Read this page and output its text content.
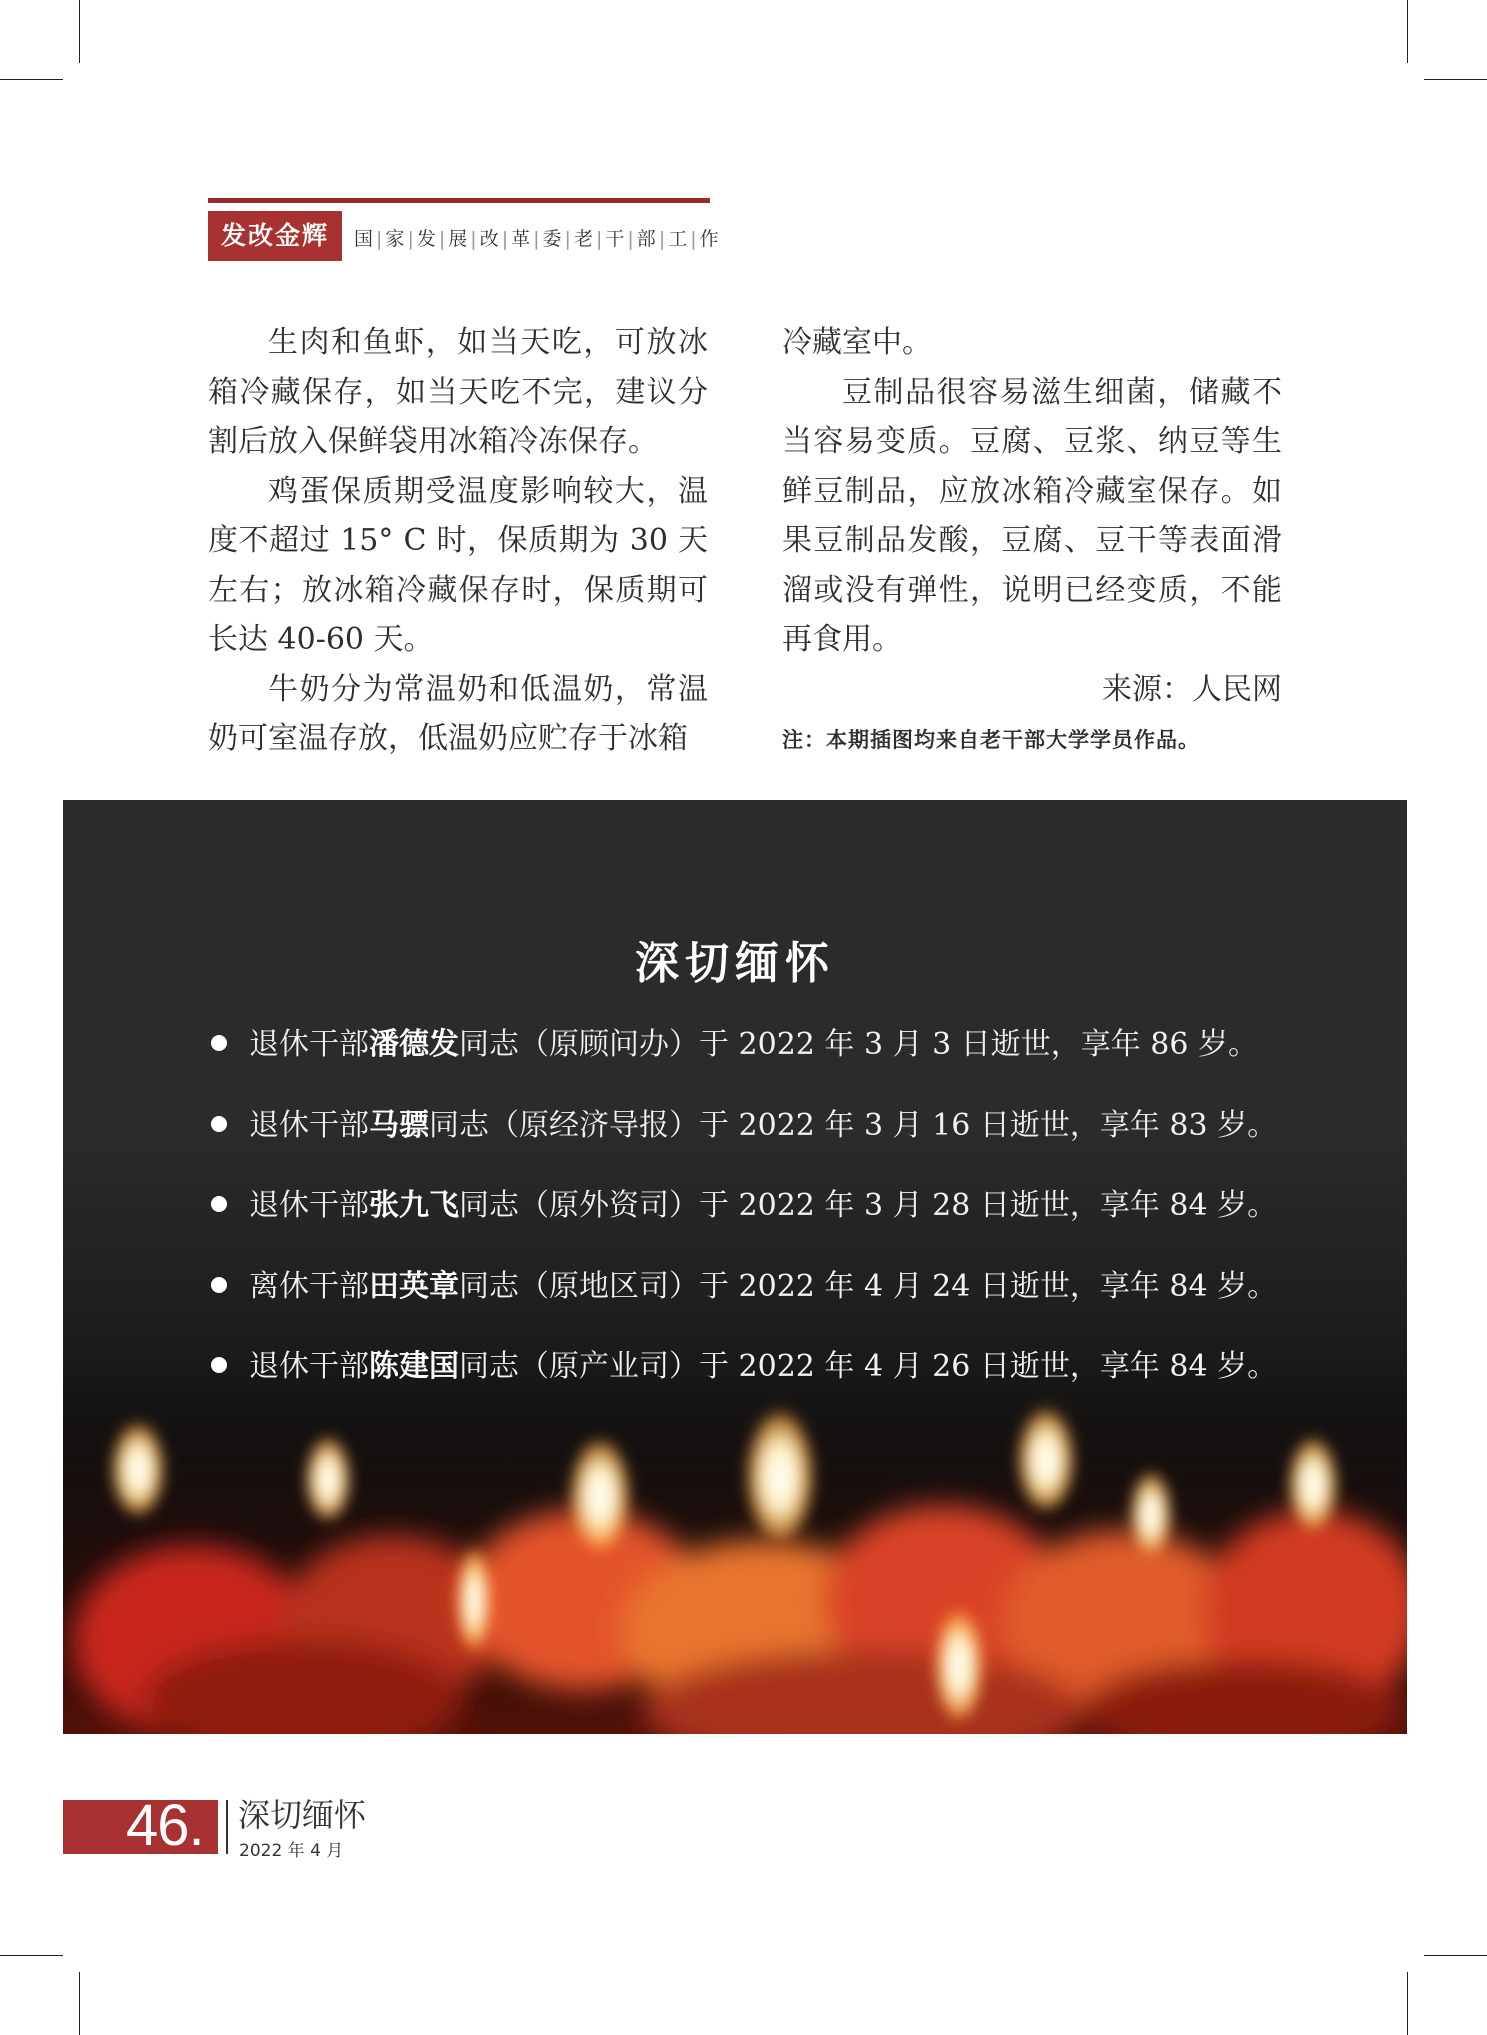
发改金辉	国 | 家 | 发 | 展 | 改 | 革 | 委 | 老 | 干 | 部 | 工 | 作

生肉和鱼虾，如当天吃，可放冰箱冷藏保存，如当天吃不完，建议分割后放入保鲜袋用冰箱冷冻保存。

鸡蛋保质期受温度影响较大，温度不超过 15° C 时，保质期为 30 天左右；放冰箱冷藏保存时，保质期可长达 40-60 天。

牛奶分为常温奶和低温奶，常温奶可室温存放，低温奶应贮存于冰箱

冷藏室中。

豆制品很容易滋生细菌，储藏不当容易变质。豆腐、豆浆、纳豆等生鲜豆制品，应放冰箱冷藏室保存。如果豆制品发酸，豆腐、豆干等表面滑溜或没有弹性，说明已经变质，不能再食用。

来源：人民网

注：本期插图均来自老干部大学学员作品。

深切缅怀
退休干部潘德发同志（原顾问办）于 2022 年 3 月 3 日逝世，享年 86 岁。
退休干部马骠同志（原经济导报）于 2022 年 3 月 16 日逝世，享年 83 岁。
退休干部张九飞同志（原外资司）于 2022 年 3 月 28 日逝世，享年 84 岁。
离休干部田英章同志（原地区司）于 2022 年 4 月 24 日逝世，享年 84 岁。
退休干部陈建国同志（原产业司）于 2022 年 4 月 26 日逝世，享年 84 岁。
46. 深切缅怀
2022 年 4 月
